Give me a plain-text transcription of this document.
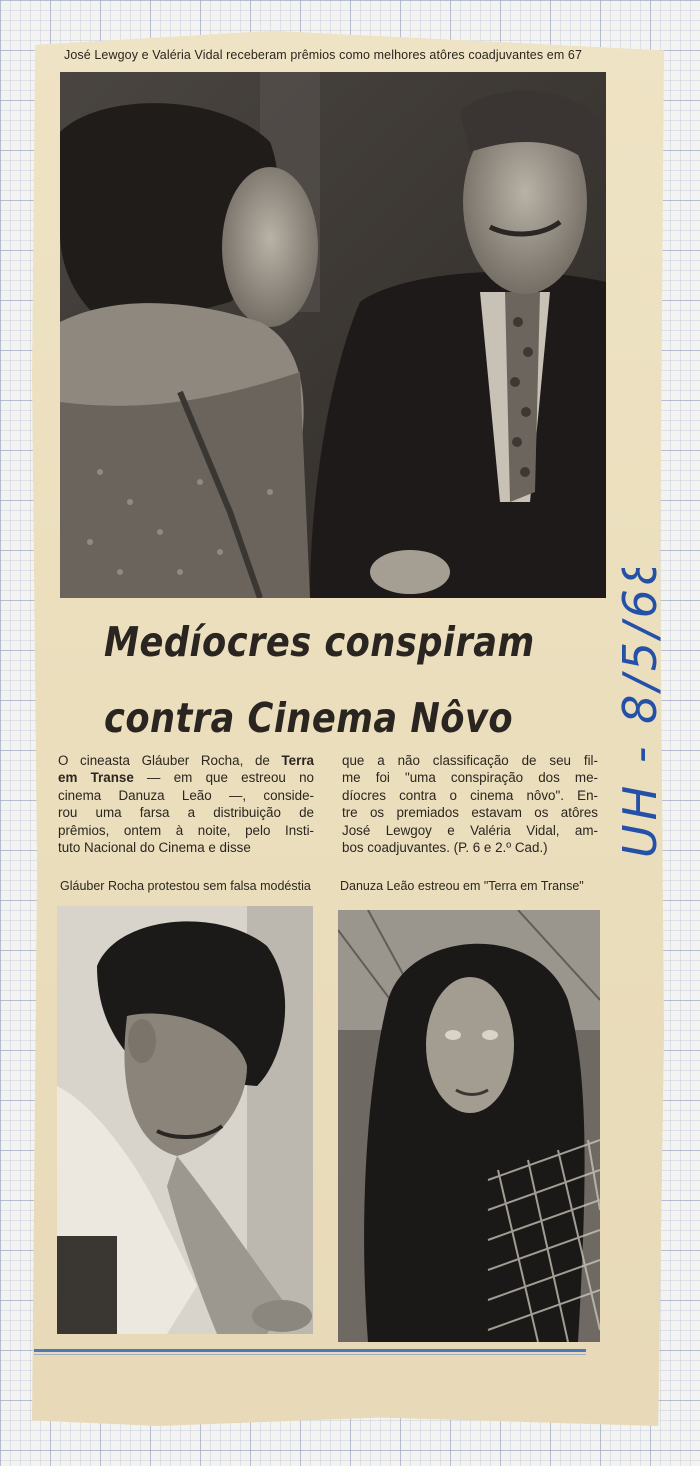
José Lewgoy e Valéria Vidal receberam prêmios como melhores atôres coadjuvantes em 67
Medíocres conspiram
contra Cinema Nôvo
O cineasta Gláuber Rocha, de Terra
em Transe — em que estreou no
cinema Danuza Leão —, conside-
rou uma farsa a distribuição de
prêmios, ontem à noite, pelo Insti-
tuto Nacional do Cinema e disse
que a não classificação de seu fil-
me foi "uma conspiração dos me-
díocres contra o cinema nôvo". En-
tre os premiados estavam os atôres
José Lewgoy e Valéria Vidal, am-
bos coadjuvantes. (P. 6 e 2.º Cad.)
Gláuber Rocha protestou sem falsa modéstia Danuza Leão estreou em "Terra em Transe"
UH - 8/5/68
